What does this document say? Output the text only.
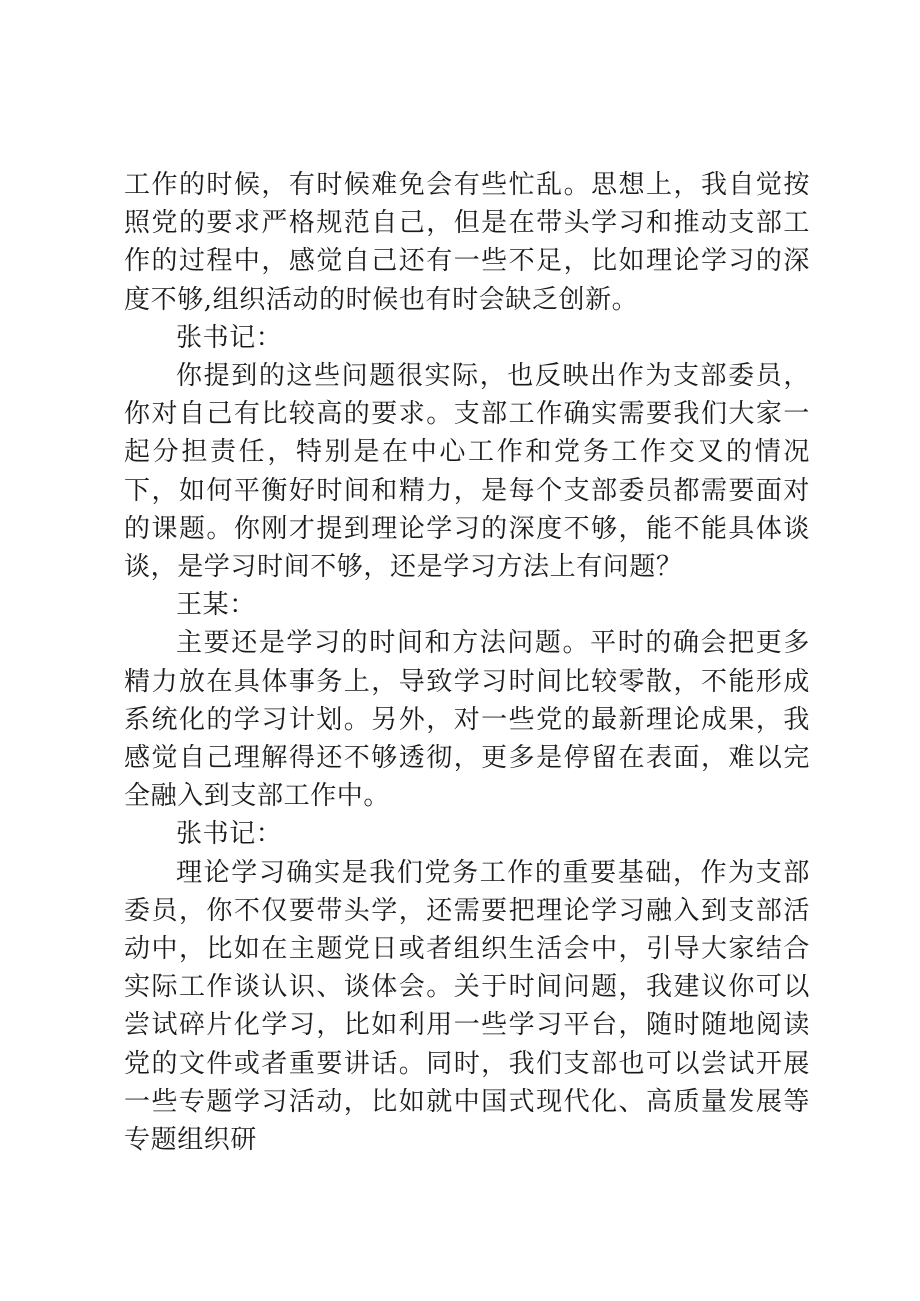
工作的时候，有时候难免会有些忙乱。思想上，我自觉按照党的要求严格规范自己，但是在带头学习和推动支部工作的过程中，感觉自己还有一些不足，比如理论学习的深度不够,组织活动的时候也有时会缺乏创新。

张书记：

你提到的这些问题很实际，也反映出作为支部委员，你对自己有比较高的要求。支部工作确实需要我们大家一起分担责任，特别是在中心工作和党务工作交叉的情况下，如何平衡好时间和精力，是每个支部委员都需要面对的课题。你刚才提到理论学习的深度不够，能不能具体谈谈，是学习时间不够，还是学习方法上有问题？

王某：

主要还是学习的时间和方法问题。平时的确会把更多精力放在具体事务上，导致学习时间比较零散，不能形成系统化的学习计划。另外，对一些党的最新理论成果，我感觉自己理解得还不够透彻，更多是停留在表面，难以完全融入到支部工作中。

张书记：

理论学习确实是我们党务工作的重要基础，作为支部委员，你不仅要带头学，还需要把理论学习融入到支部活动中，比如在主题党日或者组织生活会中，引导大家结合实际工作谈认识、谈体会。关于时间问题，我建议你可以尝试碎片化学习，比如利用一些学习平台，随时随地阅读党的文件或者重要讲话。同时，我们支部也可以尝试开展一些专题学习活动，比如就中国式现代化、高质量发展等专题组织研
